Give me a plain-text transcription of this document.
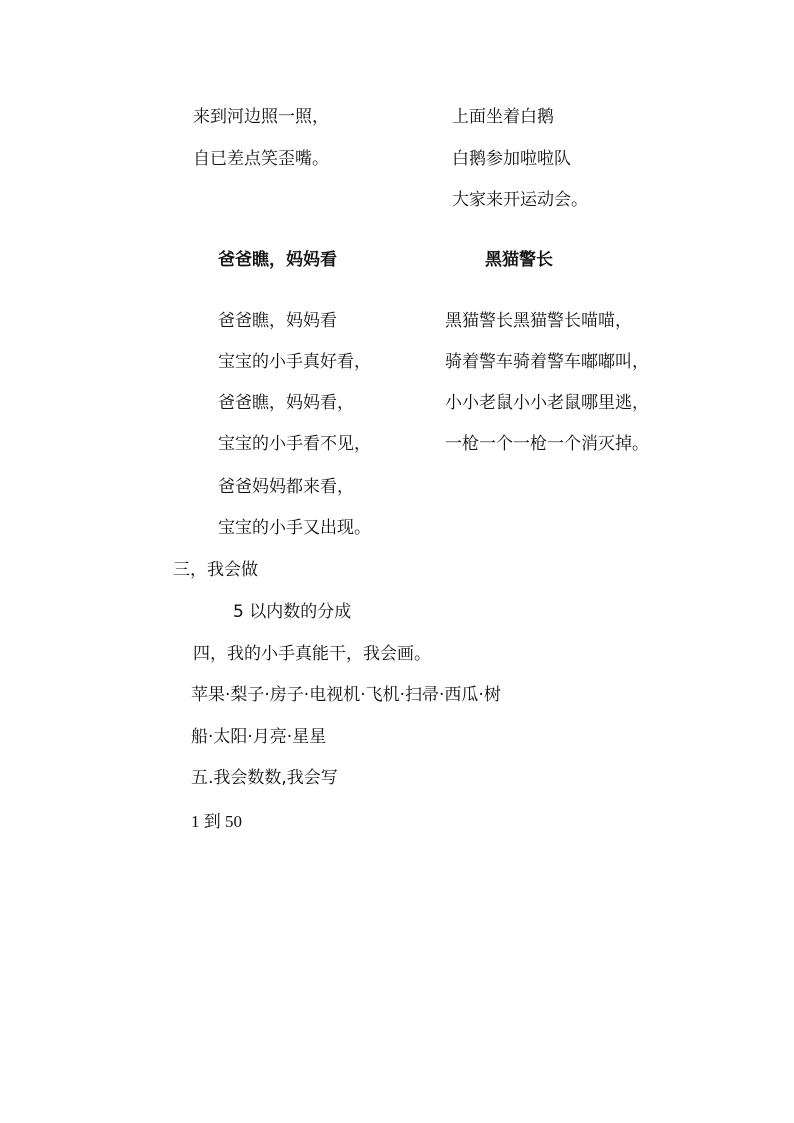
来到河边照一照，
自已差点笑歪嘴。
上面坐着白鹅
白鹅参加啦啦队
大家来开运动会。
爸爸瞧，妈妈看	黑猫警长
爸爸瞧，妈妈看
宝宝的小手真好看，
爸爸瞧，妈妈看，
宝宝的小手看不见，
爸爸妈妈都来看，
宝宝的小手又出现。
黑猫警长黑猫警长喵喵，
骑着警车骑着警车嘟嘟叫，
小小老鼠小小老鼠哪里逃，
一枪一个一枪一个消灭掉。
三，我会做
5 以内数的分成
四，我的小手真能干，我会画。
苹果·梨子·房子·电视机·飞机·扫帚·西瓜·树
船·太阳·月亮·星星
五.我会数数,我会写
1 到 50
